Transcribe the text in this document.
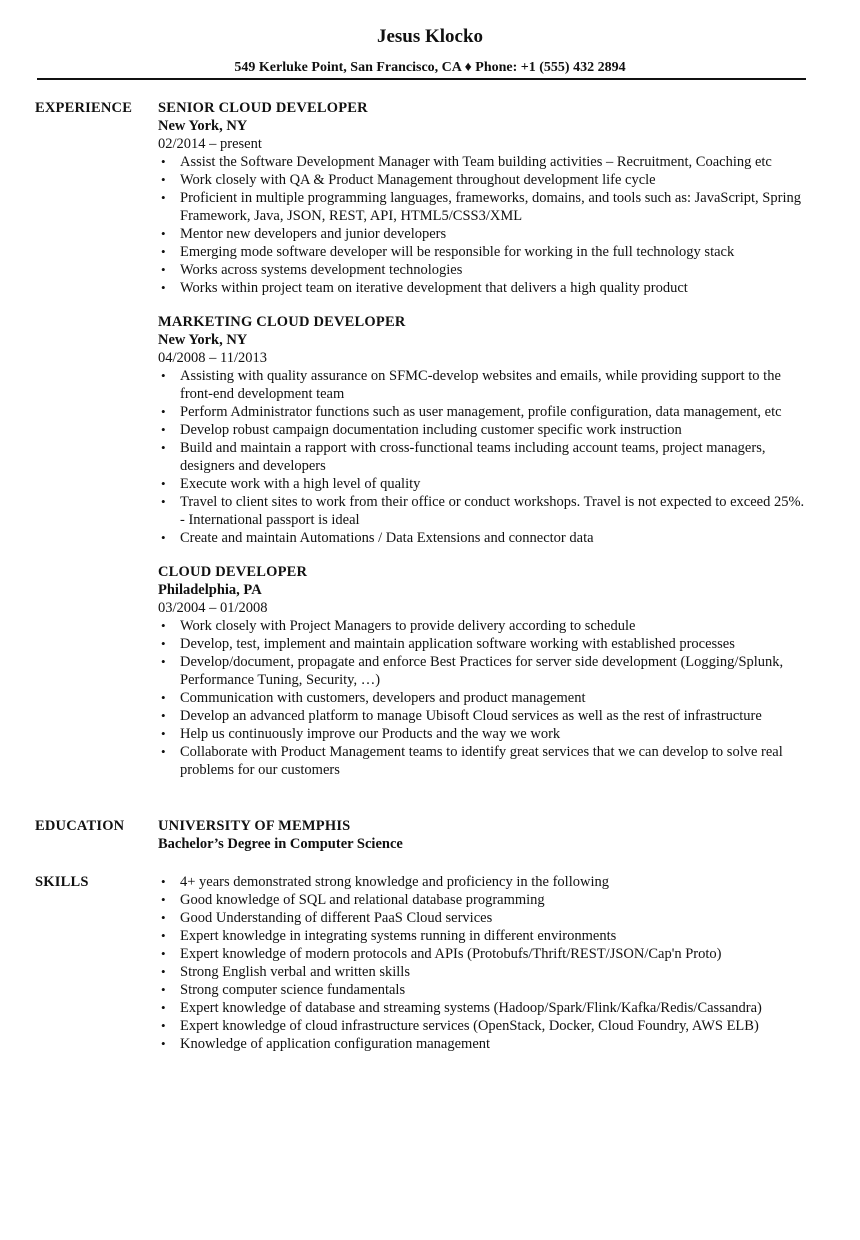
Jesus Klocko
549 Kerluke Point, San Francisco, CA ♦ Phone: +1 (555) 432 2894
EXPERIENCE SENIOR CLOUD DEVELOPER
New York, NY
02/2014 – present
• Assist the Software Development Manager with Team building activities – Recruitment, Coaching etc
• Work closely with QA & Product Management throughout development life cycle
• Proficient in multiple programming languages, frameworks, domains, and tools such as: JavaScript, Spring Framework, Java, JSON, REST, API, HTML5/CSS3/XML
• Mentor new developers and junior developers
• Emerging mode software developer will be responsible for working in the full technology stack
• Works across systems development technologies
• Works within project team on iterative development that delivers a high quality product
MARKETING CLOUD DEVELOPER
New York, NY
04/2008 – 11/2013
• Assisting with quality assurance on SFMC-develop websites and emails, while providing support to the front-end development team
• Perform Administrator functions such as user management, profile configuration, data management, etc
• Develop robust campaign documentation including customer specific work instruction
• Build and maintain a rapport with cross-functional teams including account teams, project managers, designers and developers
• Execute work with a high level of quality
• Travel to client sites to work from their office or conduct workshops. Travel is not expected to exceed 25%. - International passport is ideal
• Create and maintain Automations / Data Extensions and connector data
CLOUD DEVELOPER
Philadelphia, PA
03/2004 – 01/2008
• Work closely with Project Managers to provide delivery according to schedule
• Develop, test, implement and maintain application software working with established processes
• Develop/document, propagate and enforce Best Practices for server side development (Logging/Splunk, Performance Tuning, Security, …)
• Communication with customers, developers and product management
• Develop an advanced platform to manage Ubisoft Cloud services as well as the rest of infrastructure
• Help us continuously improve our Products and the way we work
• Collaborate with Product Management teams to identify great services that we can develop to solve real problems for our customers
EDUCATION UNIVERSITY OF MEMPHIS
Bachelor’s Degree in Computer Science
SKILLS
•	4+ years demonstrated strong knowledge and proficiency in the following
• Good knowledge of SQL and relational database programming
• Good Understanding of different PaaS Cloud services
• Expert knowledge in integrating systems running in different environments
• Expert knowledge of modern protocols and APIs (Protobufs/Thrift/REST/JSON/Cap'n Proto)
• Strong English verbal and written skills
• Strong computer science fundamentals
• Expert knowledge of database and streaming systems (Hadoop/Spark/Flink/Kafka/Redis/Cassandra)
• Expert knowledge of cloud infrastructure services (OpenStack, Docker, Cloud Foundry, AWS ELB)
• Knowledge of application configuration management
